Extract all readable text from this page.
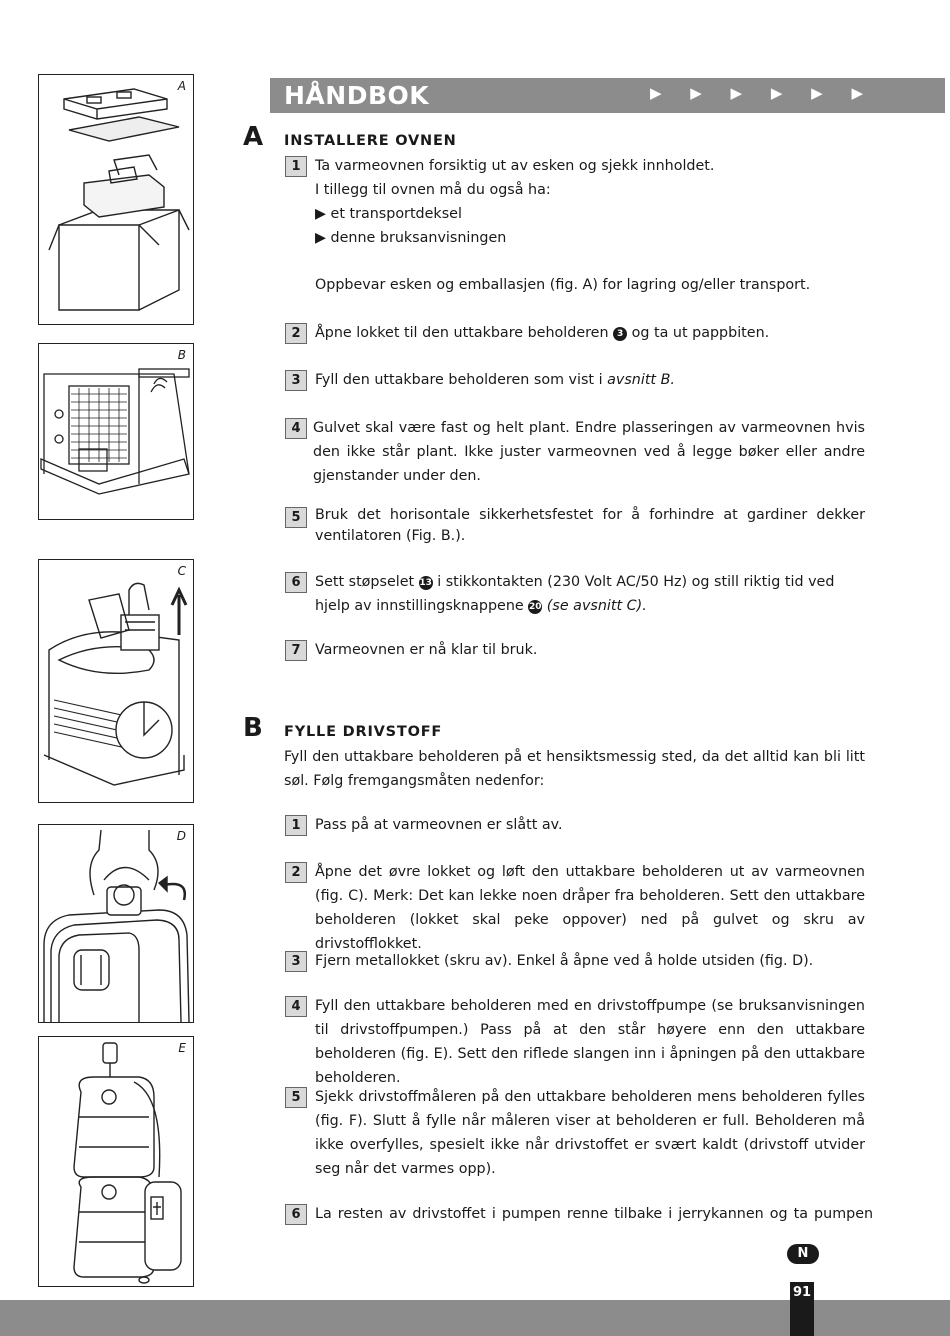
A
B
C
D
E
HÅNDBOK	▶ ▶ ▶ ▶ ▶ ▶
A INSTALLERE OVNEN
1	Ta varmeovnen forsiktig ut av esken og sjekk innholdet.
I tillegg til ovnen må du også ha:
▶ et transportdeksel
▶ denne bruksanvisningen
Oppbevar esken og emballasjen (fig. A) for lagring og/eller transport.
2	Åpne lokket til den uttakbare beholderen 3 og ta ut pappbiten.
3	Fyll den uttakbare beholderen som vist i avsnitt B.
4 Gulvet skal være fast og helt plant. Endre plasseringen av varmeovnen hvis den ikke står plant. Ikke juster varmeovnen ved å legge bøker eller andre gjenstander under den.
5	Bruk det horisontale sikkerhetsfestet for å forhindre at gardiner dekker ventilatoren (Fig. B.).
6	Sett støpselet 13 i stikkontakten (230 Volt AC/50 Hz) og still riktig tid ved hjelp av innstillingsknappene 20 (se avsnitt C).
7	Varmeovnen er nå klar til bruk.
B FYLLE DRIVSTOFF
Fyll den uttakbare beholderen på et hensiktsmessig sted, da det alltid kan bli litt søl. Følg fremgangsmåten nedenfor:
1	Pass på at varmeovnen er slått av.
2	Åpne det øvre lokket og løft den uttakbare beholderen ut av varmeovnen (fig. C). Merk: Det kan lekke noen dråper fra beholderen. Sett den uttakbare beholderen (lokket skal peke oppover) ned på gulvet og skru av drivstofflokket.
3	Fjern metallokket (skru av). Enkel å åpne ved å holde utsiden (fig. D).
4	Fyll den uttakbare beholderen med en drivstoffpumpe (se bruksanvisningen til drivstoffpumpen.) Pass på at den står høyere enn den uttakbare beholderen (fig. E). Sett den riflede slangen inn i åpningen på den uttakbare beholderen.
5	Sjekk drivstoffmåleren på den uttakbare beholderen mens beholderen fylles (fig. F). Slutt å fylle når måleren viser at beholderen er full. Beholderen må ikke overfylles, spesielt ikke når drivstoffet er svært kaldt (drivstoff utvider seg når det varmes opp).
6	La resten av drivstoffet i pumpen renne tilbake i jerrykannen og ta pumpen
N
91
